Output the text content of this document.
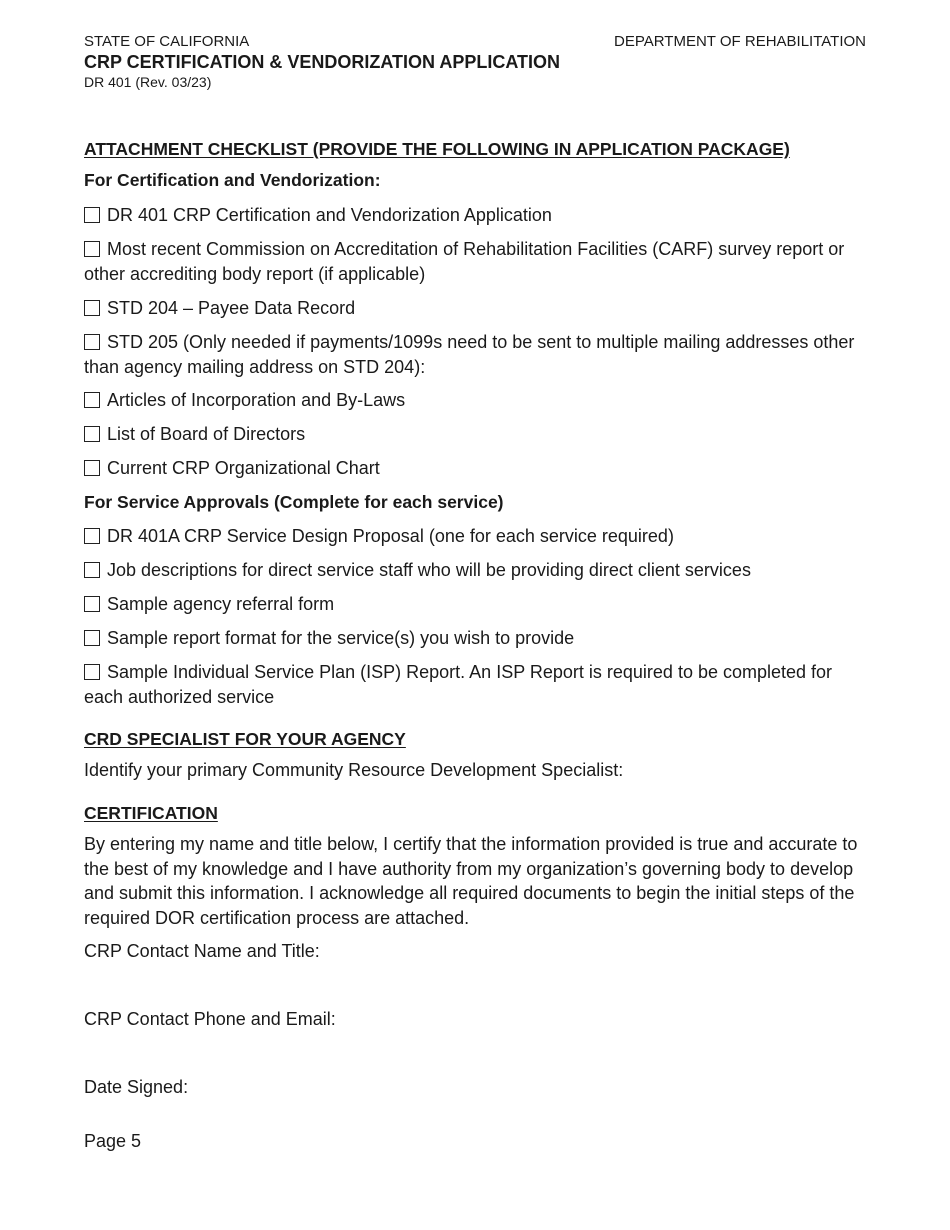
STATE OF CALIFORNIA	DEPARTMENT OF REHABILITATION
CRP CERTIFICATION & VENDORIZATION APPLICATION
DR 401 (Rev. 03/23)
ATTACHMENT CHECKLIST (PROVIDE THE FOLLOWING IN APPLICATION PACKAGE)
For Certification and Vendorization:
DR 401 CRP Certification and Vendorization Application
Most recent Commission on Accreditation of Rehabilitation Facilities (CARF) survey report or other accrediting body report (if applicable)
STD 204 – Payee Data Record
STD 205 (Only needed if payments/1099s need to be sent to multiple mailing addresses other than agency mailing address on STD 204):
Articles of Incorporation and By-Laws
List of Board of Directors
Current CRP Organizational Chart
For Service Approvals (Complete for each service)
DR 401A CRP Service Design Proposal (one for each service required)
Job descriptions for direct service staff who will be providing direct client services
Sample agency referral form
Sample report format for the service(s) you wish to provide
Sample Individual Service Plan (ISP) Report. An ISP Report is required to be completed for each authorized service
CRD SPECIALIST FOR YOUR AGENCY
Identify your primary Community Resource Development Specialist:
CERTIFICATION
By entering my name and title below, I certify that the information provided is true and accurate to the best of my knowledge and I have authority from my organization’s governing body to develop and submit this information. I acknowledge all required documents to begin the initial steps of the required DOR certification process are attached.
CRP Contact Name and Title:
CRP Contact Phone and Email:
Date Signed:
Page 5
